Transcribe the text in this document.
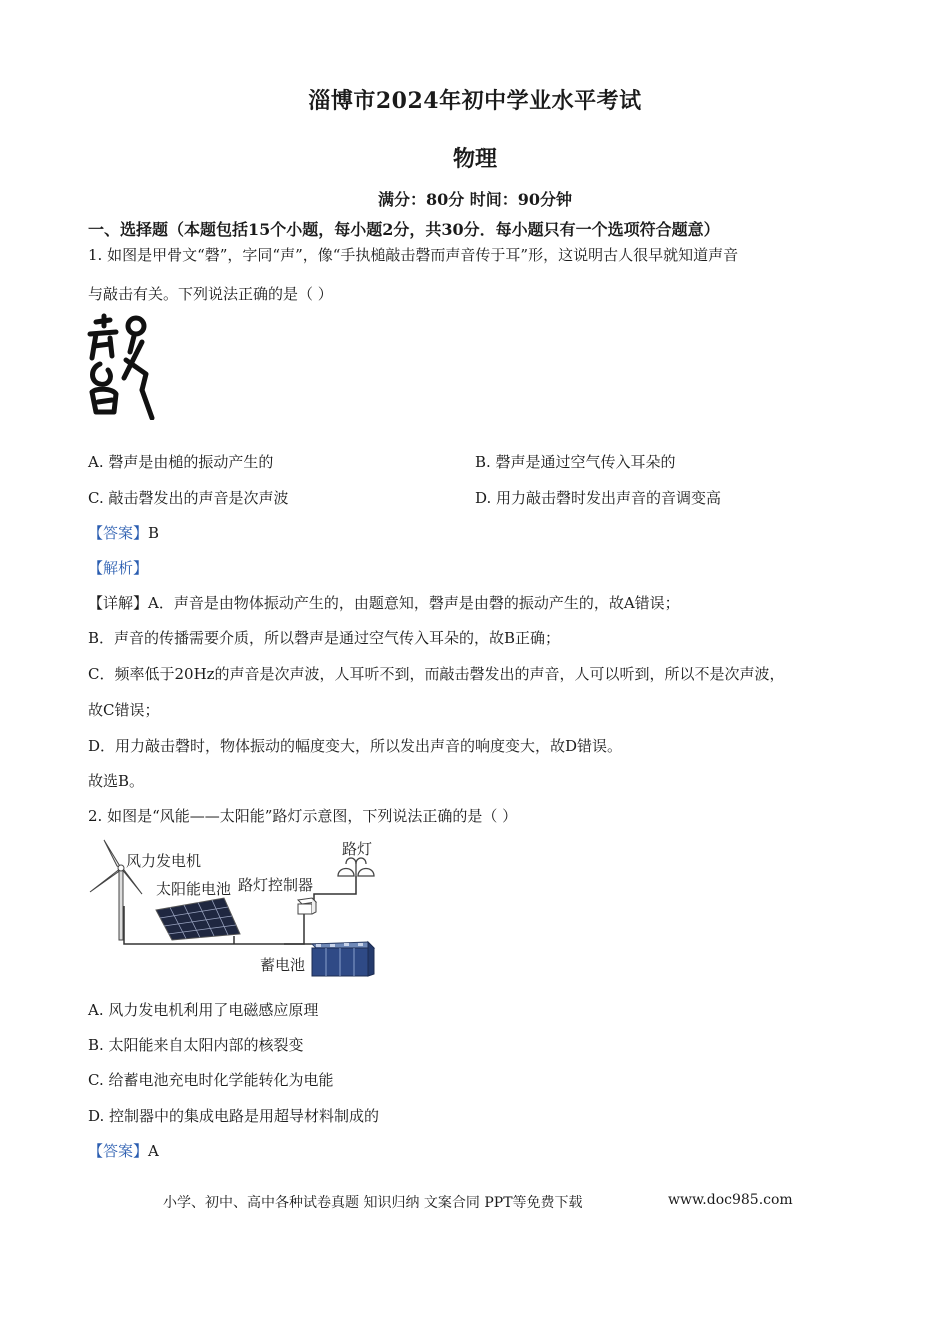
淄博市2024年初中学业水平考试
物理
满分：80分 时间：90分钟
一、选择题（本题包括15个小题，每小题2分，共30分．每小题只有一个选项符合题意）
1. 如图是甲骨文“磬”，字同“声”，像“手执槌敲击磬而声音传于耳”形，这说明古人很早就知道声音
与敲击有关。下列说法正确的是（ ）
A. 磬声是由槌的振动产生的	B. 磬声是通过空气传入耳朵的
C. 敲击磬发出的声音是次声波	D. 用力敲击磬时发出声音的音调变高
【答案】B
【解析】
【详解】A．声音是由物体振动产生的，由题意知，磬声是由磬的振动产生的，故A错误；
B．声音的传播需要介质，所以磬声是通过空气传入耳朵的，故B正确；
C．频率低于20Hz的声音是次声波，人耳听不到，而敲击磬发出的声音，人可以听到，所以不是次声波，
故C错误；
D．用力敲击磬时，物体振动的幅度变大，所以发出声音的响度变大，故D错误。
故选B。
2. 如图是“风能——太阳能”路灯示意图，下列说法正确的是（ ）
风力发电机
太阳能电池 路灯控制器
路灯
蓄电池
A. 风力发电机利用了电磁感应原理
B. 太阳能来自太阳内部的核裂变
C. 给蓄电池充电时化学能转化为电能
D. 控制器中的集成电路是用超导材料制成的
【答案】A
小学、初中、高中各种试卷真题 知识归纳 文案合同 PPT等免费下载	www.doc985.com
